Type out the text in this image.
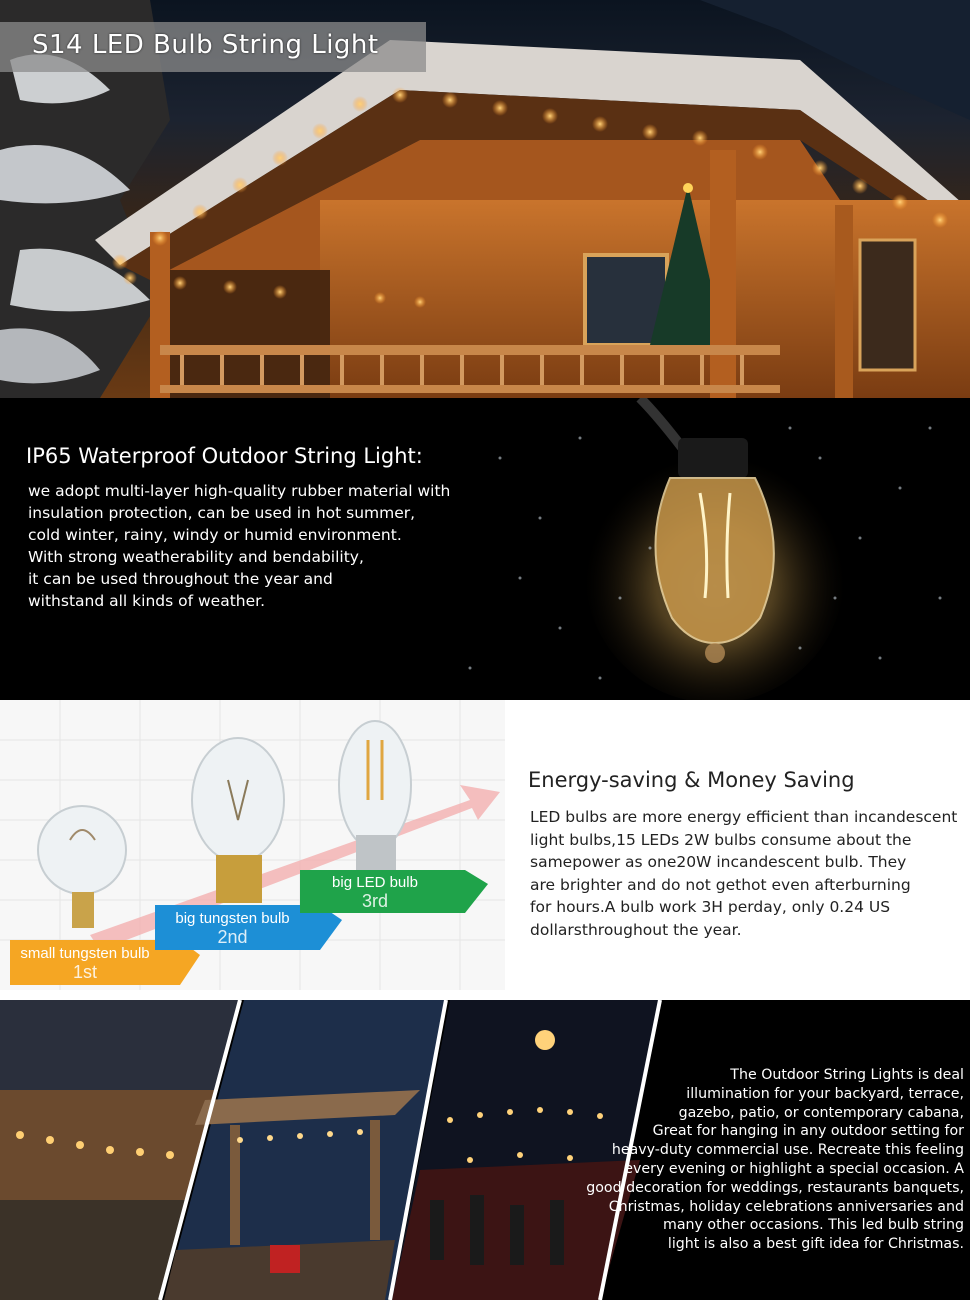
S14 LED Bulb String Light
IP65 Waterproof Outdoor String Light:
we adopt multi-layer high-quality rubber material with
insulation protection, can be used in hot summer,
cold winter, rainy, windy or humid environment.
With strong weatherability and bendability,
it can be used throughout the year and
withstand all kinds of weather.
small tungsten bulb
1st
big tungsten bulb
2nd
big LED bulb
3rd
Energy-saving & Money Saving
LED bulbs are more energy efficient than incandescent
light bulbs,15 LEDs 2W bulbs consume about the
samepower as one20W incandescent bulb. They
are brighter and do not gethot even afterburning
for hours.A bulb work 3H perday, only 0.24 US
dollarsthroughout the year.
The Outdoor String Lights is deal
illumination for your backyard, terrace,
gazebo, patio, or contemporary cabana,
Great for hanging in any outdoor setting for
heavy-duty commercial use. Recreate this feeling
every evening or highlight a special occasion. A
good decoration for weddings, restaurants banquets,
Christmas, holiday celebrations anniversaries and
many other occasions. This led bulb string
light is also a best gift idea for Christmas.
